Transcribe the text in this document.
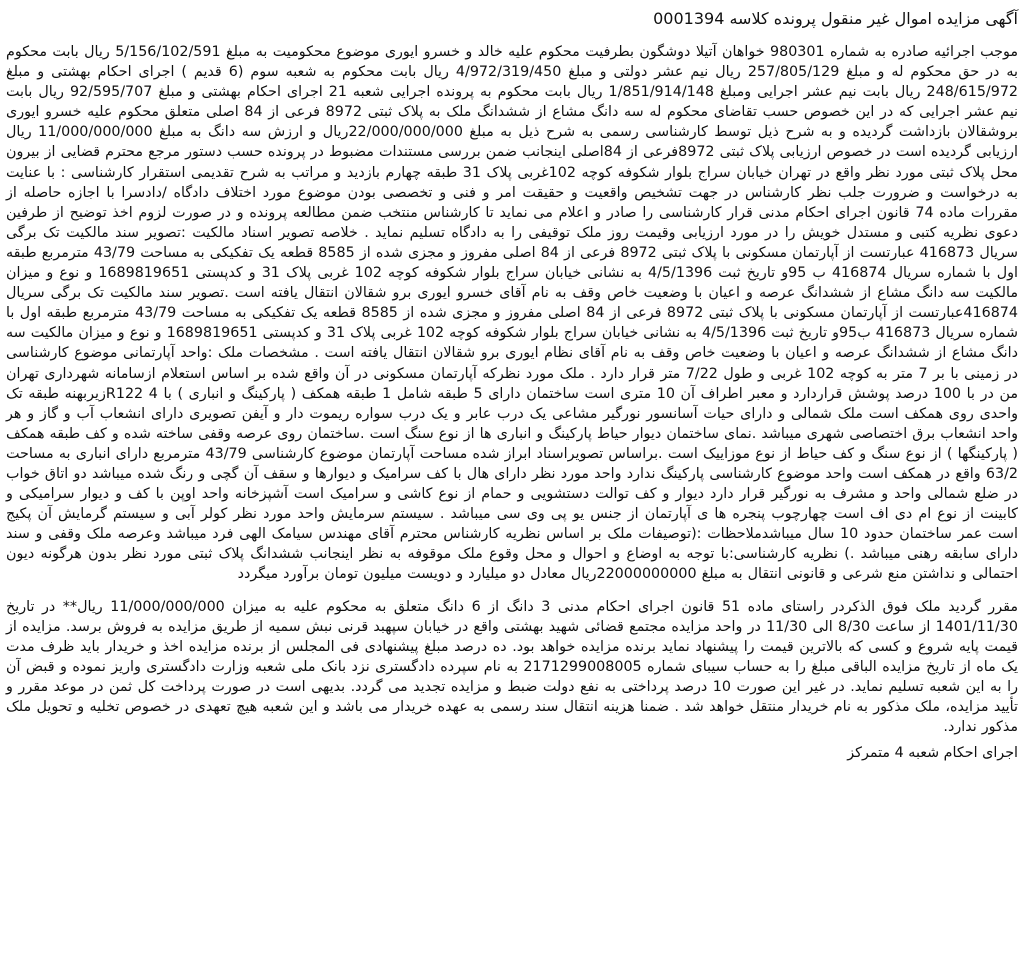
آگهی مزایده اموال غیر منقول پرونده کلاسه 0001394

موجب اجرائیه صادره به شماره 980301 خواهان آتیلا دوشگون بطرفیت محکوم علیه خالد و خسرو ایوری موضوع محکومیت به مبلغ 5/156/102/591 ریال بابت محکوم به در حق محکوم له و مبلغ 257/805/129 ریال نیم عشر دولتی و مبلغ 4/972/319/450 ریال بابت محکوم به شعبه سوم (6 قدیم ) اجرای احکام بهشتی و مبلغ 248/615/972 ریال بابت نیم عشر اجرایی ومبلغ 1/851/914/148 ریال بابت محکوم به پرونده اجرایی شعبه 21 اجرای احکام بهشتی و مبلغ 92/595/707 ریال بابت نیم عشر اجرایی که در این خصوص حسب تقاضای محکوم له سه دانگ مشاع از ششدانگ ملک به پلاک ثبتی 8972 فرعی از 84 اصلی متعلق محکوم علیه خسرو ایوری بروشقالان بازداشت گردیده و به شرح ذیل توسط کارشناسی رسمی به شرح ذیل به مبلغ 22/000/000/000ریال و ارزش سه دانگ به مبلغ 11/000/000/000 ریال ارزیابی گردیده است در خصوص ارزیابی پلاک ثبتی 8972فرعی از 84اصلی اینجانب ضمن بررسی مستندات مضبوط در پرونده حسب دستور مرجع محترم قضایی از بیرون محل پلاک ثبتی مورد نظر واقع در تهران خیابان سراج بلوار شکوفه کوچه 102غربی پلاک 31 طبقه چهارم بازدید و مراتب به شرح تقدیمی استقرار کارشناسی : با عنایت به درخواست و ضرورت جلب نظر کارشناس در جهت تشخیص واقعیت و حقیقت امر و فنی و تخصصی بودن موضوع مورد اختلاف دادگاه /دادسرا با اجازه حاصله از مقررات ماده 74 قانون اجرای احکام مدنی قرار کارشناسی را صادر و اعلام می نماید تا کارشناس منتخب ضمن مطالعه پرونده و در صورت لزوم اخذ توضیح از طرفین دعوی نظریه کتبی و مستدل خویش را در مورد ارزیابی وقیمت روز ملک توقیفی را به دادگاه تسلیم نماید . خلاصه تصویر اسناد مالکیت :تصویر سند مالکیت تک برگی سریال 416873 عبارتست از آپارتمان مسکونی با پلاک ثبتی 8972 فرعی از 84 اصلی مفروز و مجزی شده از 8585 قطعه یک تفکیکی به مساحت 43/79 مترمربع طبقه اول با شماره سریال 416874 ب 95و تاریخ ثبت 4/5/1396 به نشانی خیابان سراج بلوار شکوفه کوچه 102 غربی پلاک 31 و کدپستی 1689819651 و نوع و میزان مالکیت سه دانگ مشاع از ششدانگ عرصه و اعیان با وضعیت خاص وقف به نام آقای خسرو ایوری برو شقالان انتقال یافته است .تصویر سند مالکیت تک برگی سریال 416874عبارتست از آپارتمان مسکونی با پلاک ثبتی 8972 فرعی از 84 اصلی مفروز و مجزی شده از 8585 قطعه یک تفکیکی به مساحت 43/79 مترمربع طبقه اول با شماره سریال 416873 ب95و تاریخ ثبت 4/5/1396 به نشانی خیابان سراج بلوار شکوفه کوچه 102 غربی پلاک 31 و کدپستی 1689819651 و نوع و میزان مالکیت سه دانگ مشاع از ششدانگ عرصه و اعیان با وضعیت خاص وقف به نام آقای نظام ایوری برو شقالان انتقال یافته است . مشخصات ملک :واحد آپارتمانی موضوع کارشناسی در زمینی با بر 7 متر به کوچه 102 غربی و طول 7/22 متر قرار دارد . ملک مورد نظرکه آپارتمان مسکونی در آن واقع شده بر اساس استعلام ازسامانه شهرداری تهران من در با 100 درصد پوشش قراردارد و معبر اطراف آن 10 متری است ساختمان دارای 5 طبقه شامل 1 طبقه همکف ( پارکینگ و انباری ) با 4 R122زیربهنه طبقه تک واحدی روی همکف است ملک شمالی و دارای حیات آسانسور نورگیر مشاعی یک درب عابر و یک درب سواره ریموت دار و آیفن تصویری دارای انشعاب آب و گاز و هر واحد انشعاب برق اختصاصی شهری میباشد .نمای ساختمان دیوار حیاط پارکینگ و انباری ها از نوع سنگ است .ساختمان روی عرصه وقفی ساخته شده و کف طبقه همکف ( پارکینگها ) از نوع سنگ و کف حیاط از نوع موزاییک است .براساس تصویراسناد ابراز شده مساحت آپارتمان موضوع کارشناسی 43/79 مترمربع دارای انباری به مساحت 63/2 واقع در همکف است واحد موضوع کارشناسی پارکینگ ندارد واحد مورد نظر دارای هال با کف سرامیک و دیوارها و سقف آن گچی و رنگ شده میباشد دو اتاق خواب در ضلع شمالی واحد و مشرف به نورگیر قرار دارد دیوار و کف توالت دستشویی و حمام از نوع کاشی و سرامیک است آشپزخانه واحد اوپن با کف و دیوار سرامیکی و کابینت از نوع ام دی اف است چهارچوب پنجره ها ی آپارتمان از جنس یو پی وی سی میباشد . سیستم سرمایش واحد مورد نظر کولر آبی و سیستم گرمایش آن پکیج است عمر ساختمان حدود 10 سال میباشدملاحظات :(توصیفات ملک بر اساس نظریه کارشناس محترم آقای مهندس سیامک الهی فرد میباشد وعرصه ملک وقفی و سند دارای سابقه رهنی میباشد .) نظریه کارشناسی:با توجه به اوضاع و احوال و محل وقوع ملک موقوفه به نظر اینجانب ششدانگ پلاک ثبتی مورد نظر بدون هرگونه دیون احتمالی و نداشتن منع شرعی و قانونی انتقال به مبلغ 22000000000ریال معادل دو میلیارد و دویست میلیون تومان برآورد میگردد

مقرر گردید ملک فوق الذکردر راستای ماده 51 قانون اجرای احکام مدنی 3 دانگ از 6 دانگ متعلق به محکوم علیه به میزان 11/000/000/000 ریال** در تاریخ 1401/11/30 از ساعت 8/30 الی 11/30 در واحد مزایده مجتمع قضائی شهید بهشتی واقع در خیابان سپهبد قرنی نبش سمیه از طریق مزایده به فروش برسد. مزایده از قیمت پایه شروع و کسی که بالاترین قیمت را پیشنهاد نماید برنده مزایده خواهد بود. ده درصد مبلغ پیشنهادی فی المجلس از برنده مزایده اخذ و خریدار باید ظرف مدت یک ماه از تاریخ مزایده الباقی مبلغ را به حساب سیبای شماره 2171299008005 به نام سپرده دادگستری نزد بانک ملی شعبه وزارت دادگستری واریز نموده و قبض آن را به این شعبه تسلیم نماید. در غیر این صورت 10 درصد پرداختی به نفع دولت ضبط و مزایده تجدید می گردد. بدیهی است در صورت پرداخت کل ثمن در موعد مقرر و تأیید مزایده، ملک مذکور به نام خریدار منتقل خواهد شد . ضمنا هزینه انتقال سند رسمی به عهده خریدار می باشد و این شعبه هیچ تعهدی در خصوص تخلیه و تحویل ملک مذکور ندارد.

اجرای احکام شعبه 4 متمرکز
